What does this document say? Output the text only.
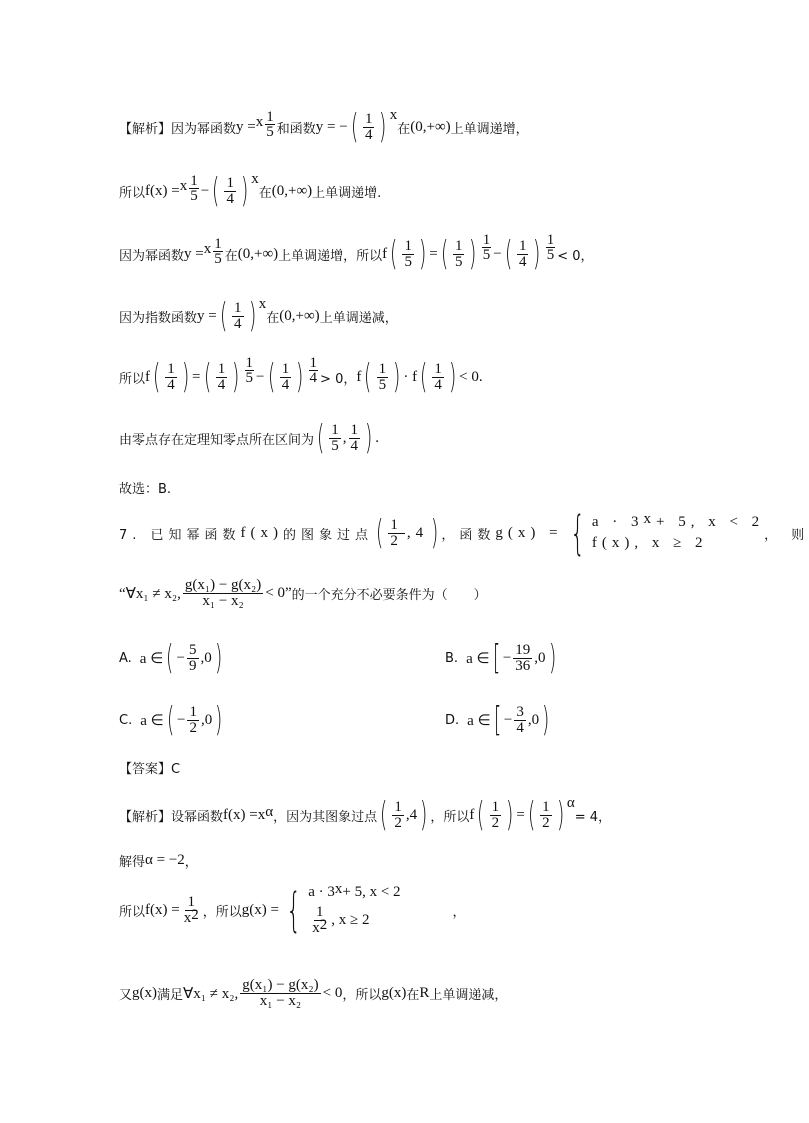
【解析】 因为幂函数 y = x $\frac{1}{5}$ 和函数 y = − ( $\frac{1}{4}$ ) x
在 (0,+∞) 上单调递增，
所以 f(x) = x $\frac{1}{5}$ − ( $\frac{1}{4}$ ) x
在 (0,+∞) 上单调递增.
因为幂函数 y = x $\frac{1}{5}$ 在 (0,+∞) 上单调递增，所以 f ( $\frac{1}{5}$ ) = ( $\frac{1}{5}$ ) $\frac{1}{5}$ − ( $\frac{1}{4}$ ) $\frac{1}{5} < 0$，
因为指数函数 y = ( $\frac{1}{4}$ ) x
在 (0,+∞) 上单调递减，
所以 f ( $\frac{1}{4}$ ) = ( $\frac{1}{4}$ ) $\frac{1}{5}$ − ( $\frac{1}{4}$ ) $\frac{1}{4} > 0$， f ( $\frac{1}{5}$ ) · f ( $\frac{1}{4}$ ) < 0.
由零点存在定理知零点所在区间为 ( $\frac{1}{5}$ , $\frac{1}{4}$ ) .
故选：B.
7. 已知幂函数 f(x) 的图象过点 ( $\frac{1}{2} ,4$ ) ，函数 g(x) = { a · 3 x + 5, x < 2
f(x), x ≥ 2	， 则
“∀x₁ ≠ x₂, $\frac{\text{g(x₁) − g(x₂)}}{\text{x₁ − x₂}} < 0$” 的一个充分不必要条件为（　　）
【答案】C
【解析】设幂函数 f(x) = x α ，因为其图象过点 ( $\frac{1}{2} ,4$ ) ，所以 f ( $\frac{1}{2}$ ) = ( $\frac{1}{2}$ ) α
= 4，
解得 α = −2 ，
所以 $f(x) = \frac{1}{x 2}$ ，所以 g(x) = { a · 3 x + 5, x < 2
$\frac{1}{x 2}$ , x ≥ 2 　　　　，
又 g(x) 满足 ∀x₁ ≠ x₂, $\frac{\text{g(x₁) − g(x₂)}}{\text{x₁ − x₂}} < 0$ ，所以 g(x) 在 R 上单调递减，
A. a ∈ ( − $\frac{5}{9} ,0$ )	B. a ∈ [ − $\frac{19}{36} ,0$ )
C. a ∈ ( − $\frac{1}{2} ,0$ )	D. a ∈ [ − $\frac{3}{4} ,0$ )
